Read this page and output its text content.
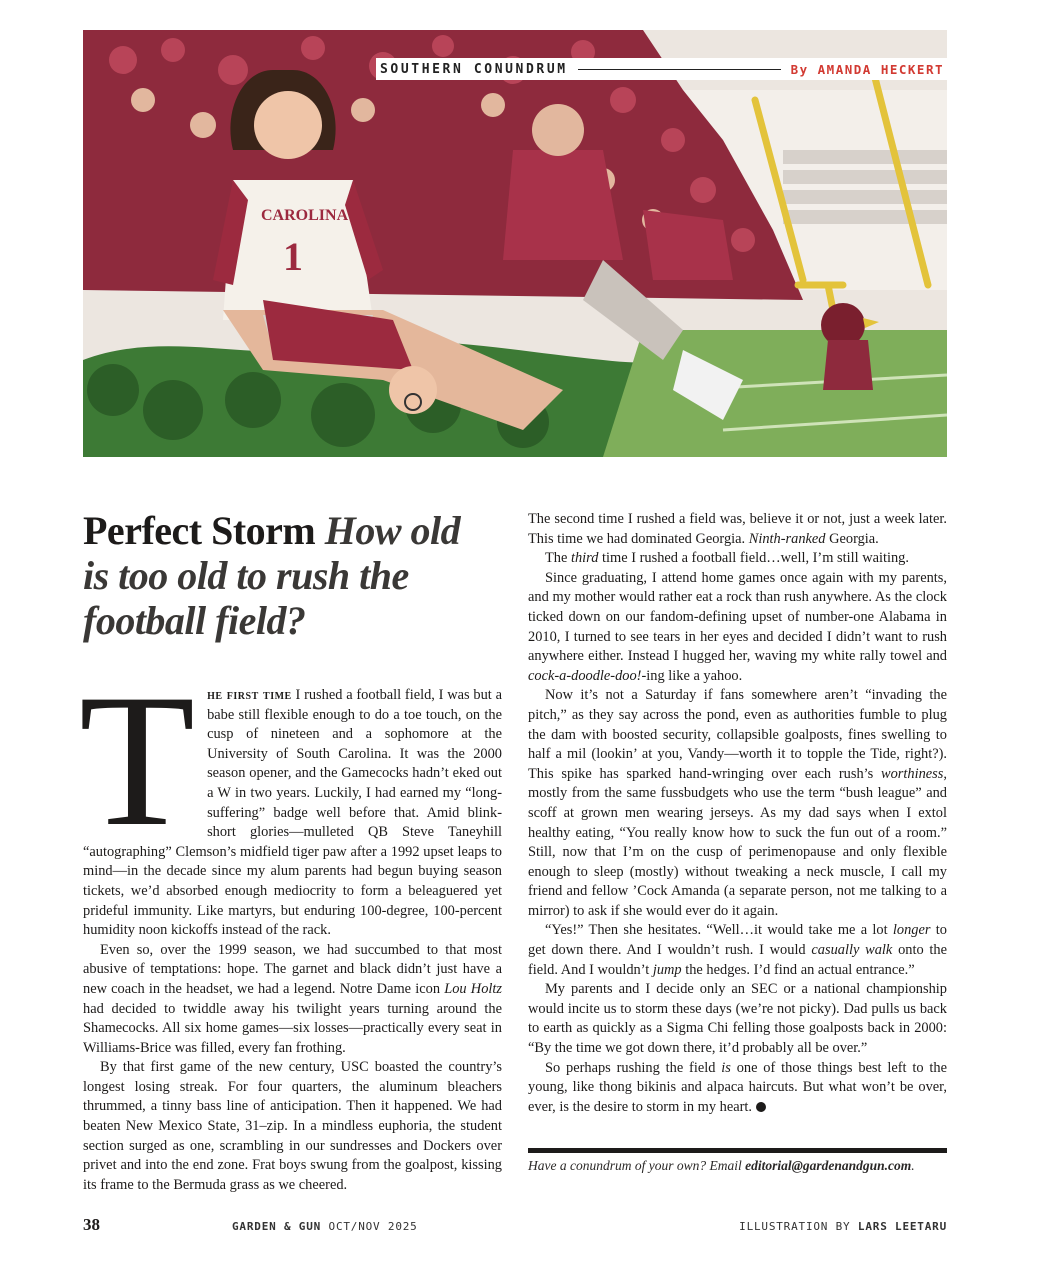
CAROLINA
1
SOUTHERN CONUNDRUM	By AMANDA HECKERT
Perfect Storm How old is too old to rush the football field?

The first time I rushed a football field, I was but a babe still flexible enough to do a toe touch, on the cusp of nineteen and a sophomore at the University of South Carolina. It was the 2000 season opener, and the Gamecocks hadn’t eked out a W in two years. Luckily, I had earned my “long-suffering” badge well before that. Amid blink-short glories—mulleted QB Steve Taneyhill “autographing” Clemson’s midfield tiger paw after a 1992 upset leaps to mind—in the decade since my alum parents had begun buying season tickets, we’d absorbed enough mediocrity to form a beleaguered yet prideful immunity. Like martyrs, but enduring 100-degree, 100-percent humidity noon kickoffs instead of the rack.

Even so, over the 1999 season, we had succumbed to that most abusive of temptations: hope. The garnet and black didn’t just have a new coach in the headset, we had a legend. Notre Dame icon Lou Holtz had decided to twiddle away his twilight years turning around the Shamecocks. All six home games—six losses—practically every seat in Williams-Brice was filled, every fan frothing.

By that first game of the new century, USC boasted the country’s longest losing streak. For four quarters, the aluminum bleachers thrummed, a tinny bass line of anticipation. Then it happened. We had beaten New Mexico State, 31–zip. In a mindless euphoria, the student section surged as one, scrambling in our sundresses and Dockers over privet and into the end zone. Frat boys swung from the goalpost, kissing its frame to the Bermuda grass as we cheered.

The second time I rushed a field was, believe it or not, just a week later. This time we had dominated Georgia. Ninth-ranked Georgia.

The third time I rushed a football field…well, I’m still waiting.

Since graduating, I attend home games once again with my parents, and my mother would rather eat a rock than rush anywhere. As the clock ticked down on our fandom-defining upset of number-one Alabama in 2010, I turned to see tears in her eyes and decided I didn’t want to rush anywhere either. Instead I hugged her, waving my white rally towel and cock-a-doodle-doo!-ing like a yahoo.

Now it’s not a Saturday if fans somewhere aren’t “invading the pitch,” as they say across the pond, even as authorities fumble to plug the dam with boosted security, collapsible goalposts, fines swelling to half a mil (lookin’ at you, Vandy—worth it to topple the Tide, right?). This spike has sparked hand-wringing over each rush’s worthiness, mostly from the same fussbudgets who use the term “bush league” and scoff at grown men wearing jerseys. As my dad says when I extol healthy eating, “You really know how to suck the fun out of a room.” Still, now that I’m on the cusp of perimenopause and only flexible enough to sleep (mostly) without tweaking a neck muscle, I call my friend and fellow ’Cock Amanda (a separate person, not me talking to a mirror) to ask if she would ever do it again.

“Yes!” Then she hesitates. “Well…it would take me a lot longer to get down there. And I wouldn’t rush. I would casually walk onto the field. And I wouldn’t jump the hedges. I’d find an actual entrance.”

My parents and I decide only an SEC or a national championship would incite us to storm these days (we’re not picky). Dad pulls us back to earth as quickly as a Sigma Chi felling those goalposts back in 2000: “By the time we got down there, it’d probably all be over.”

So perhaps rushing the field is one of those things best left to the young, like thong bikinis and alpaca haircuts. But what won’t be over, ever, is the desire to storm in my heart.

Have a conundrum of your own? Email editorial@gardenandgun.com.

38	GARDEN & GUN OCT/NOV 2025	ILLUSTRATION BY LARS LEETARU
